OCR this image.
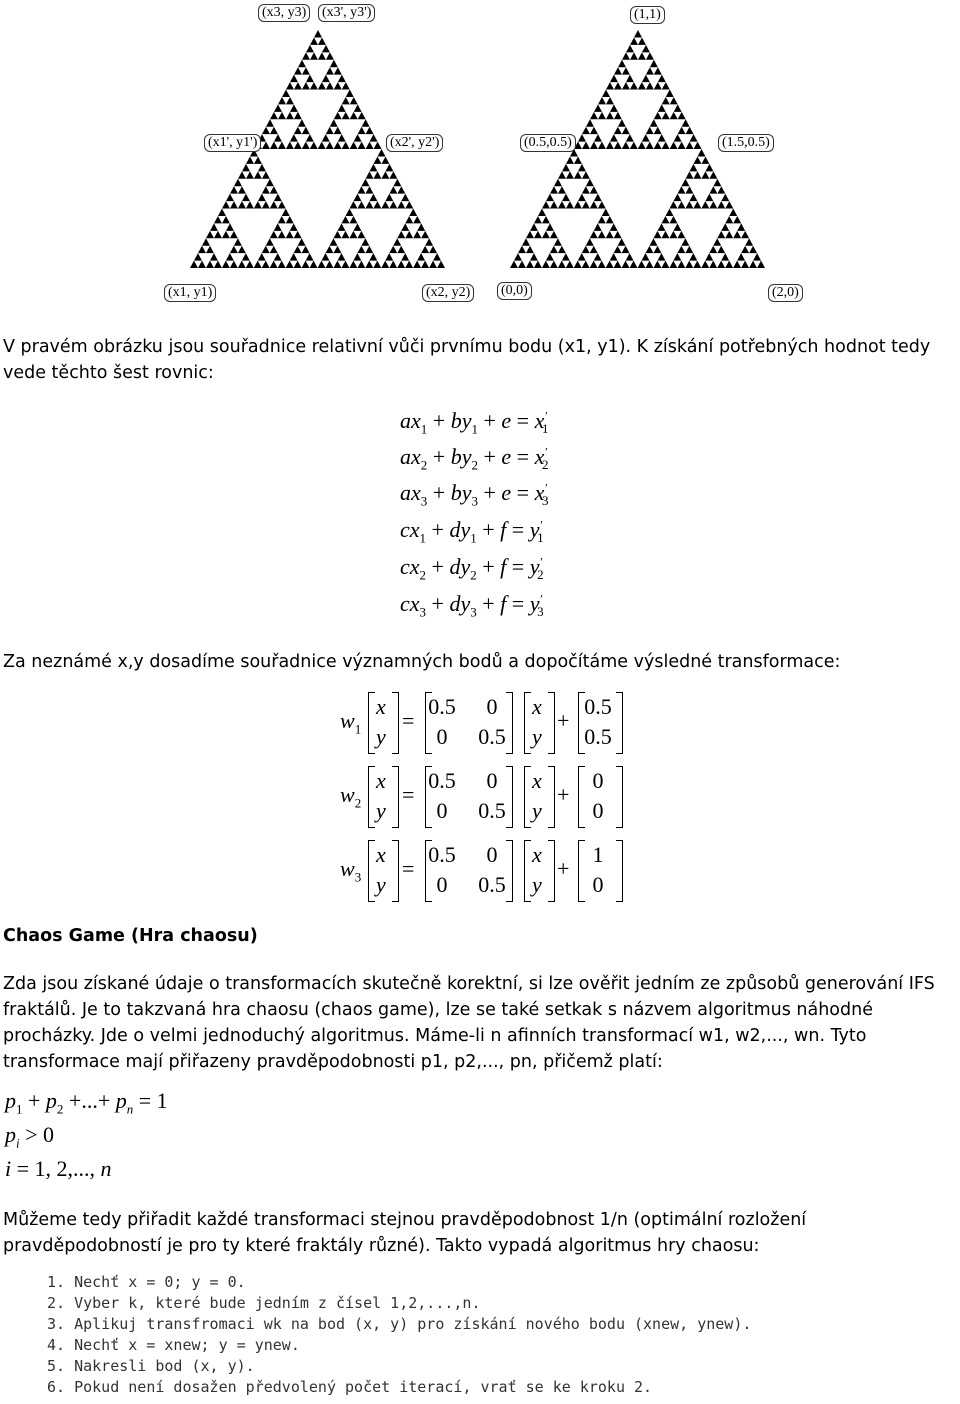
(x3, y3) (x3', y3')
(x1', y1')	(x2', y2')
(x1, y1)	(x2, y2)
(1,1)
(0.5,0.5)	(1.5,0.5)
(0,0)	(2,0)
V pravém obrázku jsou souřadnice relativní vůči prvnímu bodu (x1, y1). K získání potřebných hodnot tedy vede těchto šest rovnic:
$ax_1 + by_1 + e = x'_1$
$ax_2 + by_2 + e = x'_2$
$ax_3 + by_3 + e = x'_3$
$cx_1 + dy_1 + f = y'_1$
$cx_2 + dy_2 + f = y'_2$
$cx_3 + dy_3 + f = y'_3$
Za neznámé x,y dosadíme souřadnice významných bodů a dopočítáme výsledné transformace:
$w_1$
x
y
=
0.5	0
0	0.5
x
y
+
0.5
0.5
$w_2$
x
y
=
0.5	0
0	0.5
x
y
+
0
0
$w_3$
x
y
=
0.5	0
0	0.5
x
y
+
1
0
Chaos Game (Hra chaosu)
Zda jsou získané údaje o transformacích skutečně korektní, si lze ověřit jedním ze způsobů generování IFS fraktálů. Je to takzvaná hra chaosu (chaos game), lze se také setkak s názvem algoritmus náhodné procházky. Jde o velmi jednoduchý algoritmus. Máme-li n afinních transformací w1, w2,..., wn. Tyto transformace mají přiřazeny pravděpodobnosti p1, p2,..., pn, přičemž platí:
$p_1 + p_2$ +...+ $p_n = 1$
$p_i > 0$
i = 1, 2,..., n
Můžeme tedy přiřadit každé transformaci stejnou pravděpodobnost 1/n (optimální rozložení pravděpodobností je pro ty které fraktály různé). Takto vypadá algoritmus hry chaosu:
1. Nechť x = 0; y = 0.
2. Vyber k, které bude jedním z čísel 1,2,...,n.
3. Aplikuj transfromaci wk na bod (x, y) pro získání nového bodu (xnew, ynew).
4. Nechť x = xnew; y = ynew.
5. Nakresli bod (x, y).
6. Pokud není dosažen předvolený počet iterací, vrať se ke kroku 2.
